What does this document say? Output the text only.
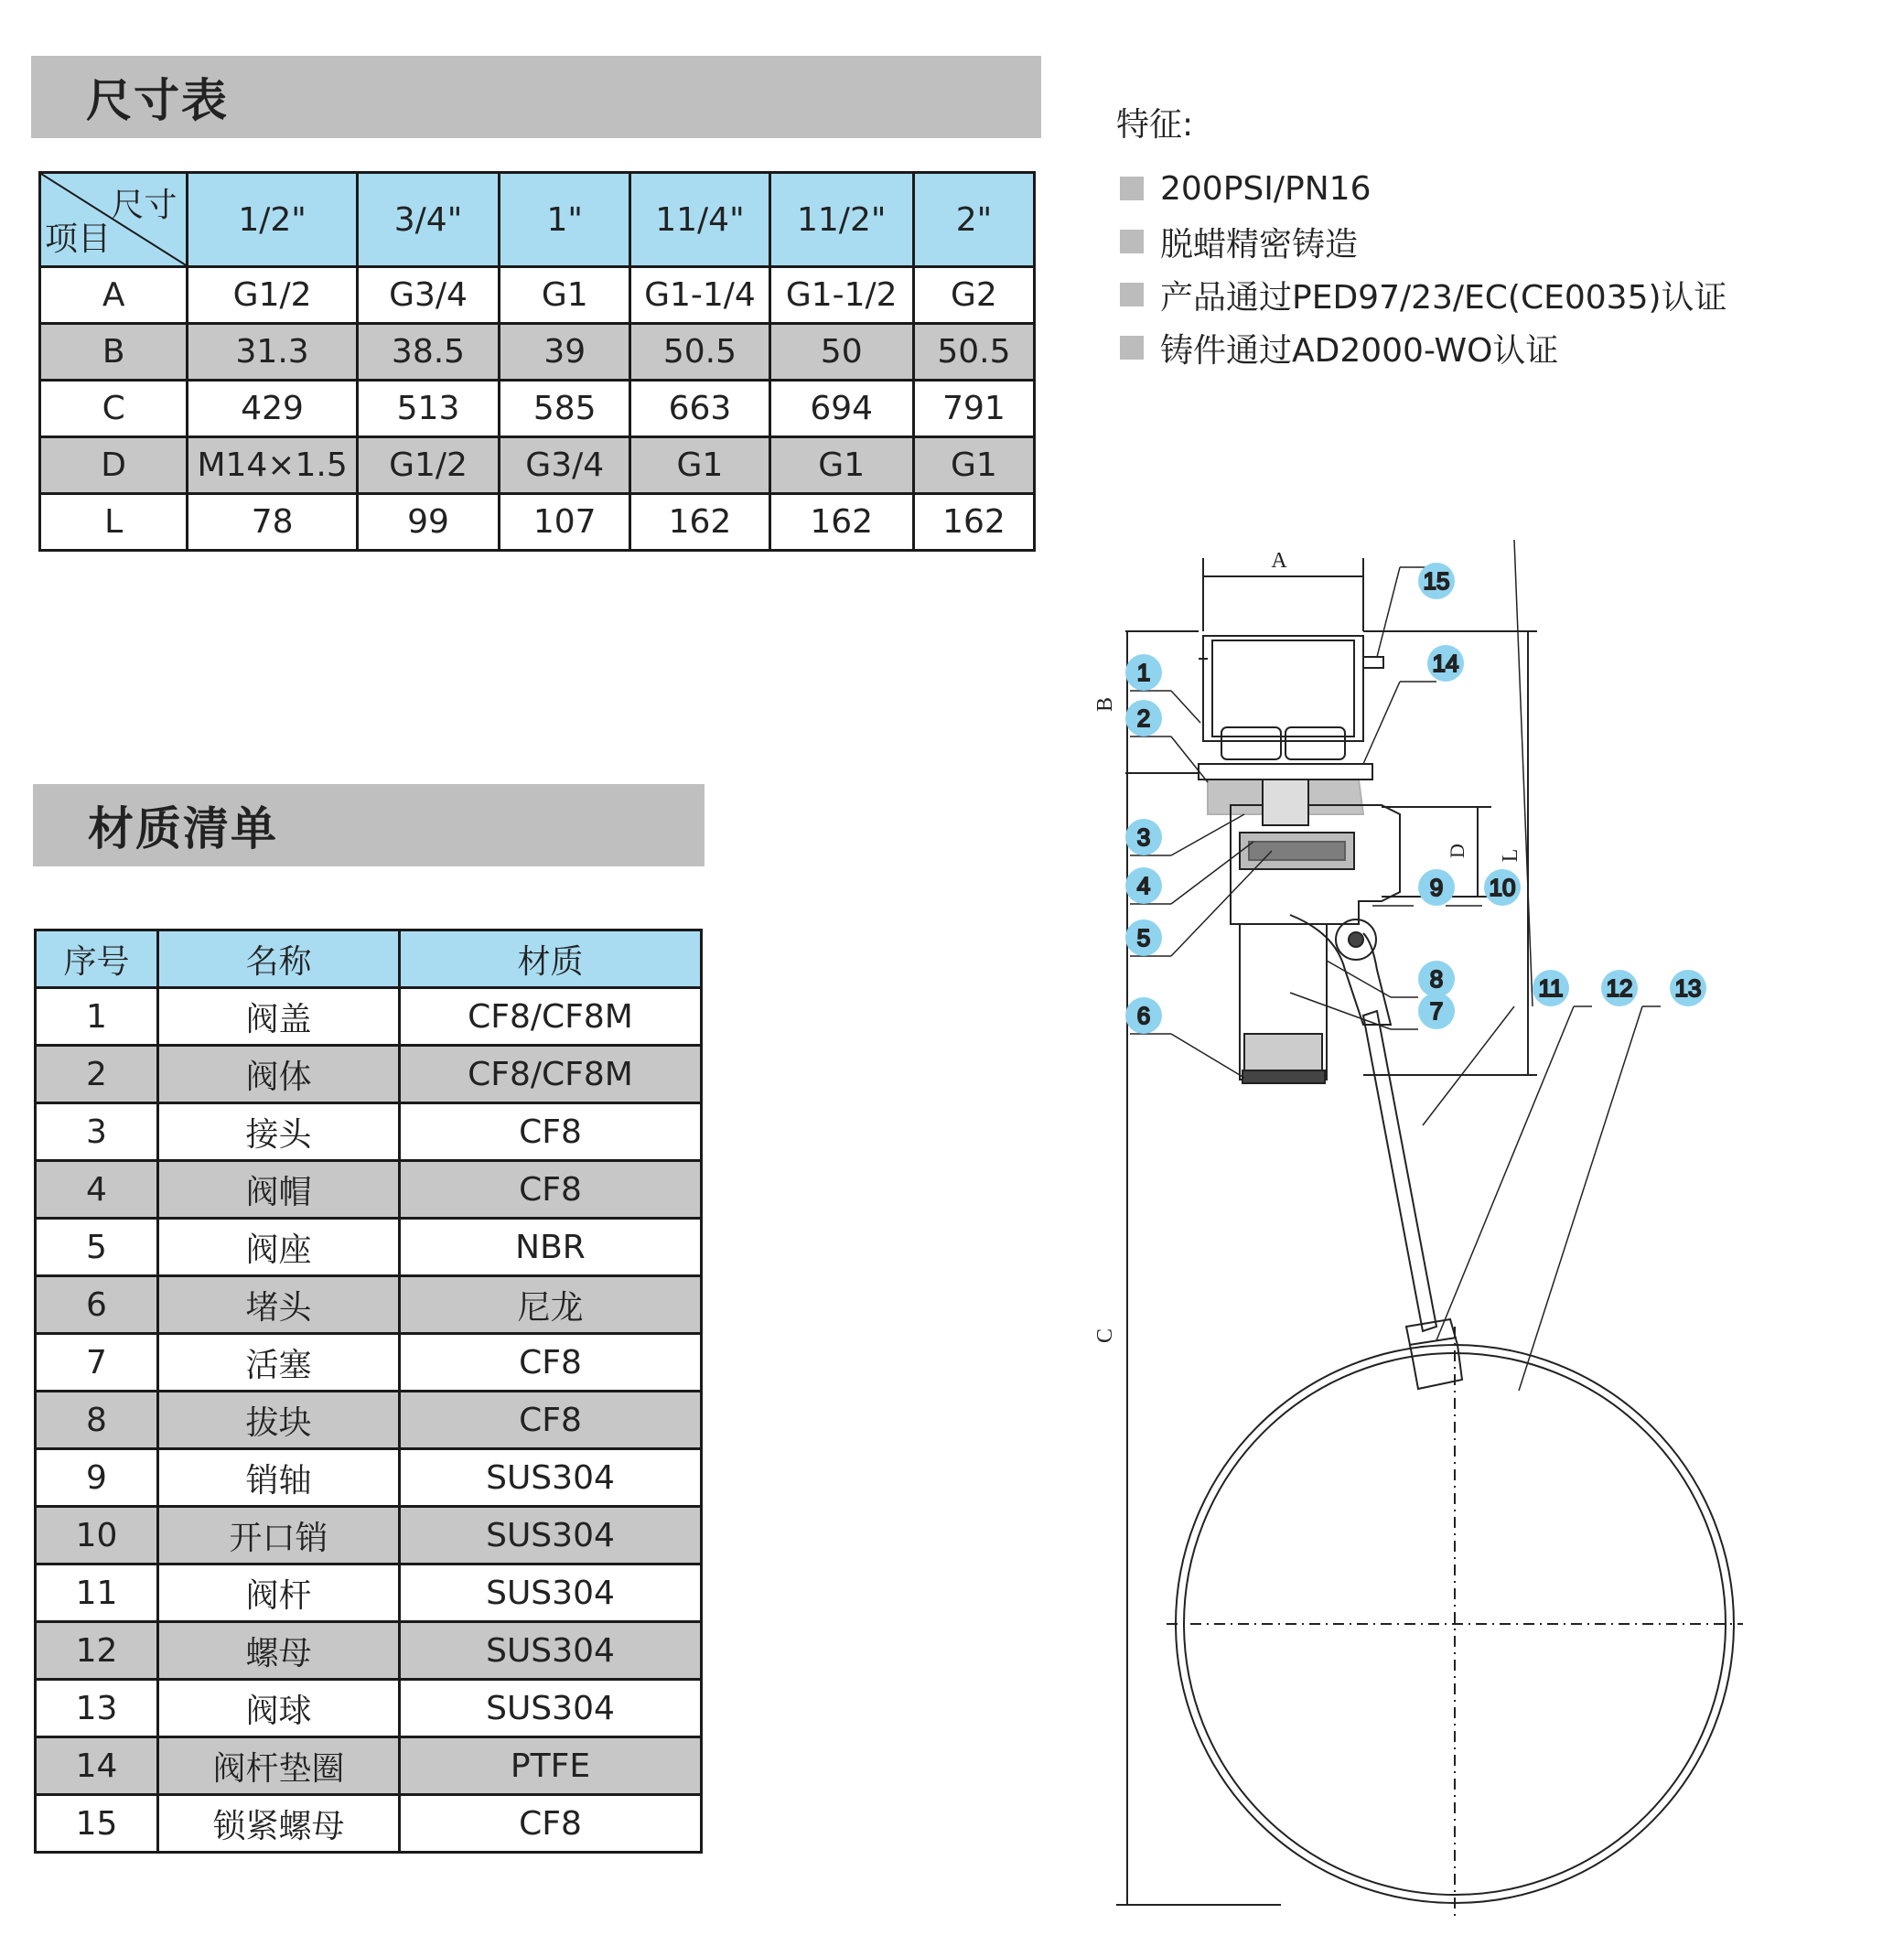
尺寸表
尺寸
项目	1/2"	3/4"	1"	11/4"	11/2"	2"
A	G1/2	G3/4	G1	G1-1/4	G1-1/2	G2
B	31.3	38.5	39	50.5	50	50.5
C	429	513	585	663	694	791
D	M14×1.5	G1/2	G3/4	G1	G1	G1
L	78	99	107	162	162	162
特征:
200PSI/PN16
脱蜡精密铸造
产品通过PED97/23/EC(CE0035)认证
铸件通过AD2000-WO认证
材质清单
序号	名称	材质
1	阀盖	CF8/CF8M
2	阀体	CF8/CF8M
3	接头	CF8
4	阀帽	CF8
5	阀座	NBR
6	堵头	尼龙
7	活塞	CF8
8	拔块	CF8
9	销轴	SUS304
10	开口销	SUS304
11	阀杆	SUS304
12	螺母	SUS304
13	阀球	SUS304
14	阀杆垫圈	PTFE
15	锁紧螺母	CF8
A
B
C
L
D
1
2
3
4
5
6	7
8
9 10
11 12 13
14
15
